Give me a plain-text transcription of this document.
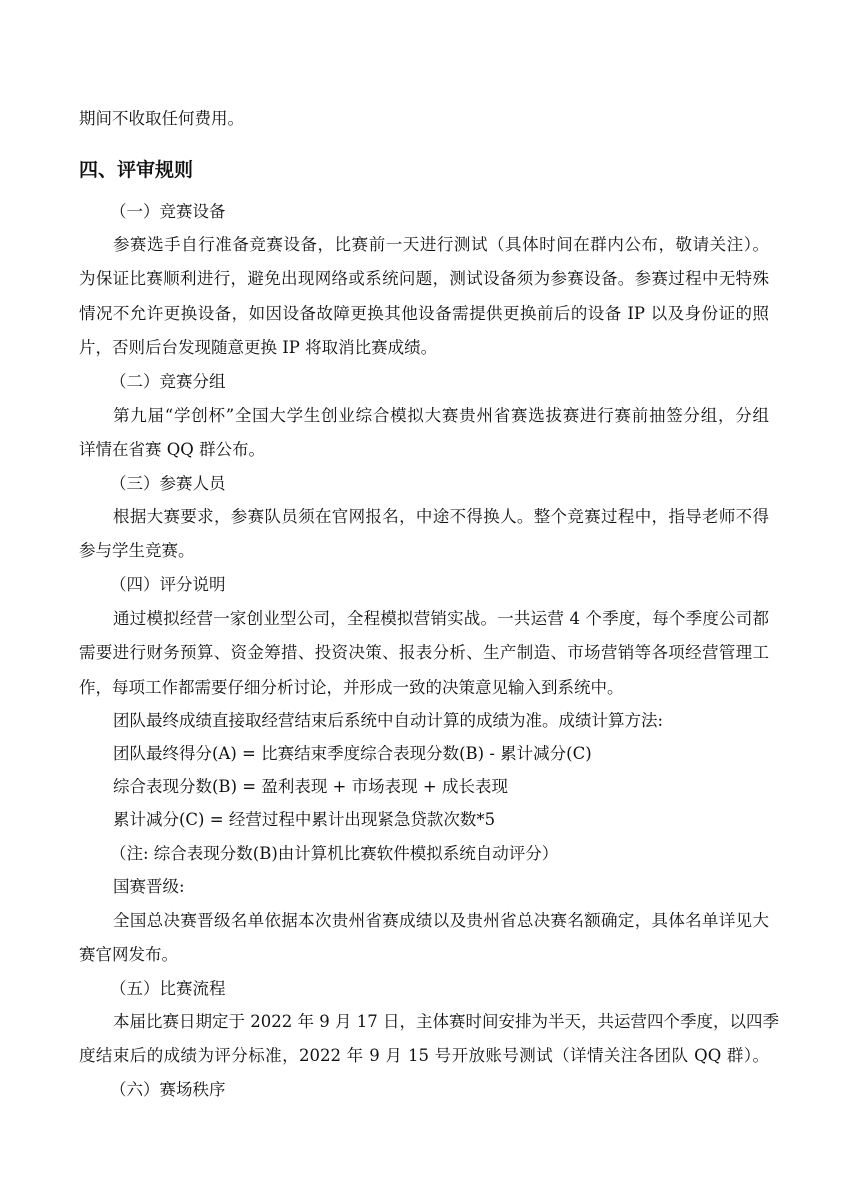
期间不收取任何费用。
四、评审规则
（一）竞赛设备
参赛选手自行准备竞赛设备，比赛前一天进行测试（具体时间在群内公布，敬请关注）。
为保证比赛顺利进行，避免出现网络或系统问题，测试设备须为参赛设备。参赛过程中无特殊
情况不允许更换设备，如因设备故障更换其他设备需提供更换前后的设备 IP 以及身份证的照
片，否则后台发现随意更换 IP 将取消比赛成绩。
（二）竞赛分组
第九届“学创杯”全国大学生创业综合模拟大赛贵州省赛选拔赛进行赛前抽签分组，分组
详情在省赛 QQ 群公布。
（三）参赛人员
根据大赛要求，参赛队员须在官网报名，中途不得换人。整个竞赛过程中，指导老师不得
参与学生竞赛。
（四）评分说明
通过模拟经营一家创业型公司，全程模拟营销实战。一共运营 4 个季度，每个季度公司都
需要进行财务预算、资金筹措、投资决策、报表分析、生产制造、市场营销等各项经营管理工
作，每项工作都需要仔细分析讨论，并形成一致的决策意见输入到系统中。
团队最终成绩直接取经营结束后系统中自动计算的成绩为准。成绩计算方法:
团队最终得分(A) = 比赛结束季度综合表现分数(B) - 累计减分(C)
综合表现分数(B) = 盈利表现 + 市场表现 + 成长表现
累计减分(C) = 经营过程中累计出现紧急贷款次数*5
（注: 综合表现分数(B)由计算机比赛软件模拟系统自动评分）
国赛晋级:
全国总决赛晋级名单依据本次贵州省赛成绩以及贵州省总决赛名额确定，具体名单详见大
赛官网发布。
（五）比赛流程
本届比赛日期定于 2022 年 9 月 17 日，主体赛时间安排为半天，共运营四个季度，以四季
度结束后的成绩为评分标准，2022 年 9 月 15 号开放账号测试（详情关注各团队 QQ 群）。
（六）赛场秩序
